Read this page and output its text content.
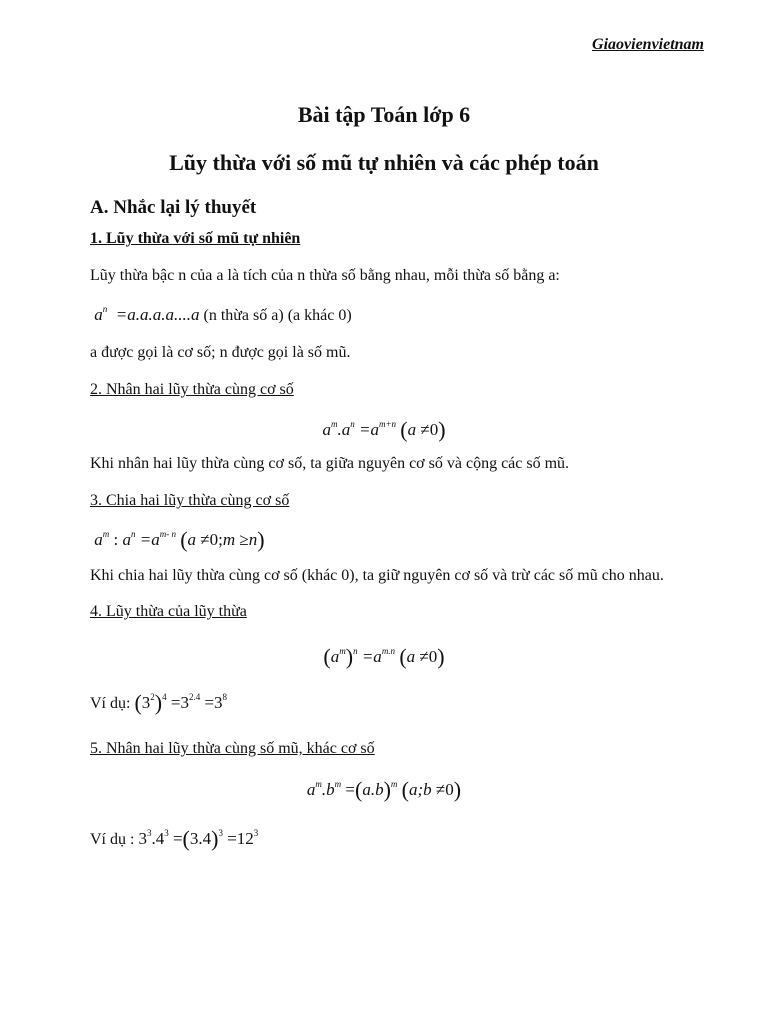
Giaovienvietnam
Bài tập Toán lớp 6
Lũy thừa với số mũ tự nhiên và các phép toán
A. Nhắc lại lý thuyết
1. Lũy thừa với số mũ tự nhiên
Lũy thừa bậc n của a là tích của n thừa số bằng nhau, mỗi thừa số bằng a:
$a^n =a.a.a.a....a$ (n thừa số a) (a khác 0)
a được gọi là cơ số; n được gọi là số mũ.
2. Nhân hai lũy thừa cùng cơ số
$a^m.a^n =a^{m+n}$ (a ≠0)
Khi nhân hai lũy thừa cùng cơ số, ta giữa nguyên cơ số và cộng các số mũ.
3. Chia hai lũy thừa cùng cơ số
$a^m$ : $a^n =a^{m- n}$ (a ≠0;m ≥n)
Khi chia hai lũy thừa cùng cơ số (khác 0), ta giữ nguyên cơ số và trừ các số mũ cho nhau.
4. Lũy thừa của lũy thừa
$(a^m)^n =a^{m.n}$ (a ≠0)
Ví dụ: $(3^2)^4 =3^{2.4} =3^8$
5. Nhân hai lũy thừa cùng số mũ, khác cơ số
$a^m.b^m =(a.b)^m$ (a;b ≠0)
Ví dụ : $3^3.4^3 =(3.4)^3 =12^3$
